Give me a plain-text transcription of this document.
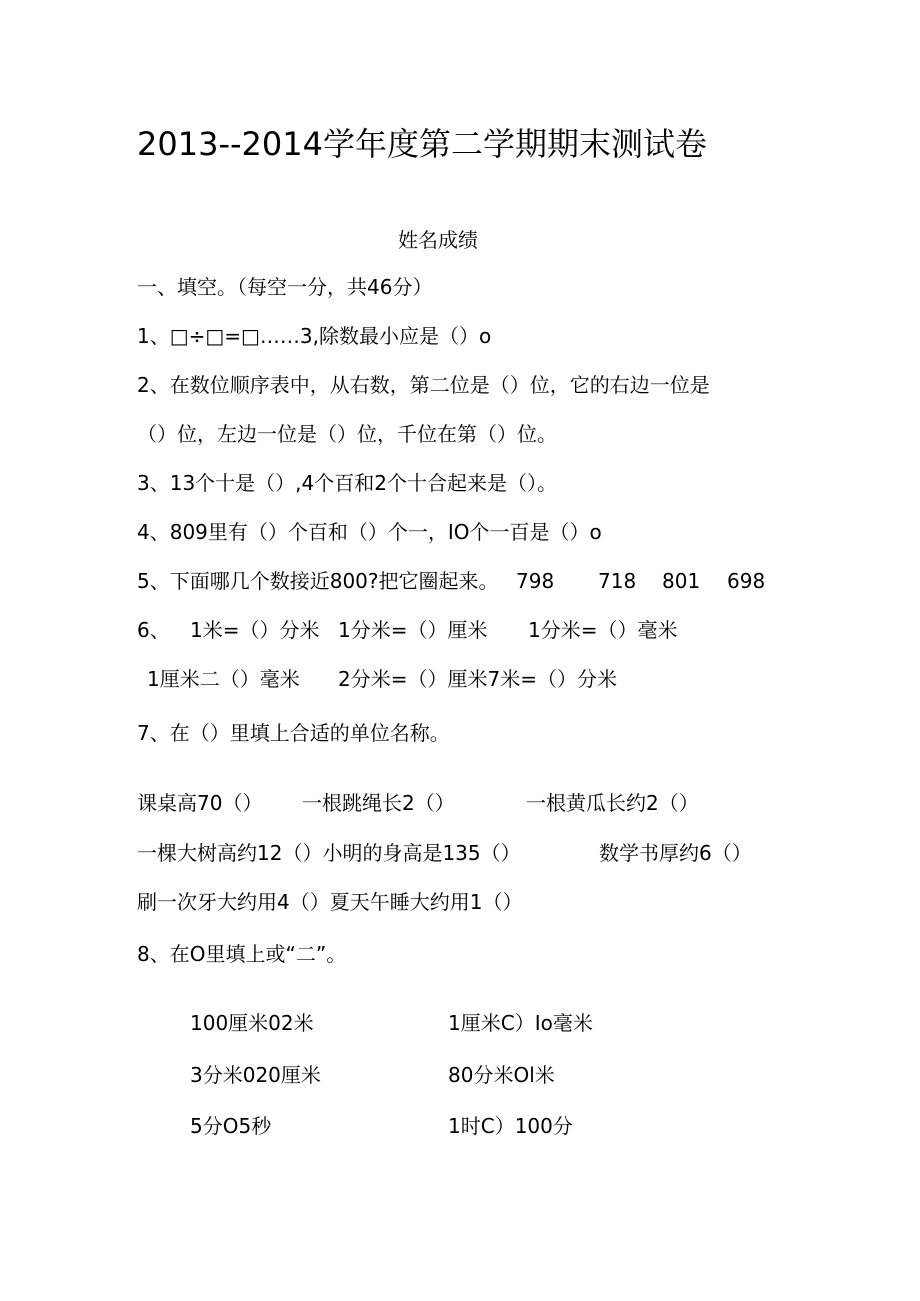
2013--2014学年度第二学期期末测试卷
姓名成绩
一、填空。（每空一分，共46分）
1、□÷□=□……3,除数最小应是（）o
2、在数位顺序表中，从右数，第二位是（）位，它的右边一位是
（）位，左边一位是（）位，千位在第（）位。
3、13个十是（）,4个百和2个十合起来是（）。
4、809里有（）个百和（）个一，IO个一百是（）o
5、下面哪几个数接近800?把它圈起来。 798 718 801 698
6、 1米=（）分米 1分米=（）厘米 1分米=（）毫米
1厘米二（）毫米 2分米=（）厘米7米=（）分米
7、在（）里填上合适的单位名称。
课桌高70（） 一根跳绳长2（）	一根黄瓜长约2（）
一棵大树高约12（）小明的身高是135（）	数学书厚约6（）
刷一次牙大约用4（）夏天午睡大约用1（）
8、在O里填上或“二”。
100厘米02米	1厘米C）Io毫米
3分米020厘米	80分米Ol米
5分O5秒	1时C）100分
